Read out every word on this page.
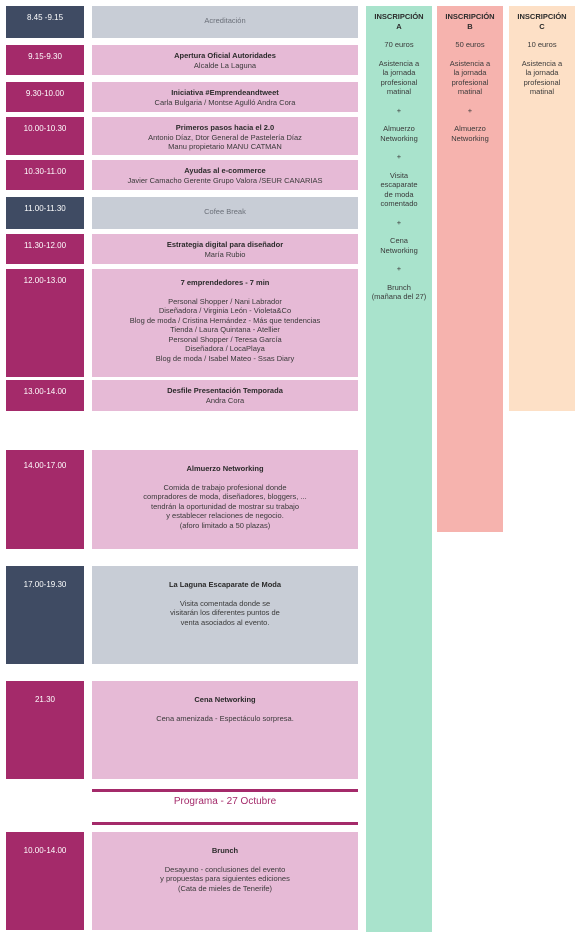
8.45 -9.15	Acreditación
9.15-9.30	Apertura Oficial Autoridades
Alcalde La Laguna
9.30-10.00	Iniciativa #Emprendeandtweet
Carla Bulgaria / Montse Agulló Andra Cora
10.00-10.30	Primeros pasos hacia el 2.0
Antonio Díaz, Dtor General de Pastelería Díaz
Manu propietario MANU CATMAN
10.30-11.00	Ayudas al e-commerce
Javier Camacho Gerente Grupo Valora /SEUR CANARIAS
11.00-11.30	Cofee Break
11.30-12.00	Estrategia digital para diseñador
María Rubio
12.00-13.00	7 emprendedores - 7 min
Personal Shopper / Nani Labrador
Diseñadora / Virginia León - Violeta&Co
Blog de moda / Cristina Hernández - Más que tendencias
Tienda / Laura Quintana - Atellier
Personal Shopper / Teresa García
Diseñadora / LocaPlaya
Blog de moda / Isabel Mateo - Ssas Diary
13.00-14.00	Desfile Presentación Temporada
Andra Cora
14.00-17.00	Almuerzo Networking
Comida de trabajo profesional donde
compradores de moda, diseñadores, bloggers, ...
tendrán la oportunidad de mostrar su trabajo
y establecer relaciones de negocio.
(aforo limitado a 50 plazas)
17.00-19.30	La Laguna Escaparate de Moda
Visita comentada donde se
visitarán los diferentes puntos de
venta asociados al evento.
21.30	Cena Networking
Cena amenizada - Espectáculo sorpresa.
Programa - 27 Octubre
10.00-14.00	Brunch
Desayuno - conclusiones del evento
y propuestas para siguientes ediciones
(Cata de mieles de Tenerife)
INSCRIPCIÓN
A
70 euros
Asistencia a
la jornada
profesional
matinal
+
Almuerzo
Networking
+
Visita
escaparate
de moda
comentado
+
Cena
Networking
+
Brunch
(mañana del 27)
INSCRIPCIÓN
B
50 euros
Asistencia a
la jornada
profesional
matinal
+
Almuerzo
Networking
INSCRIPCIÓN
C
10 euros
Asistencia a
la jornada
profesional
matinal
